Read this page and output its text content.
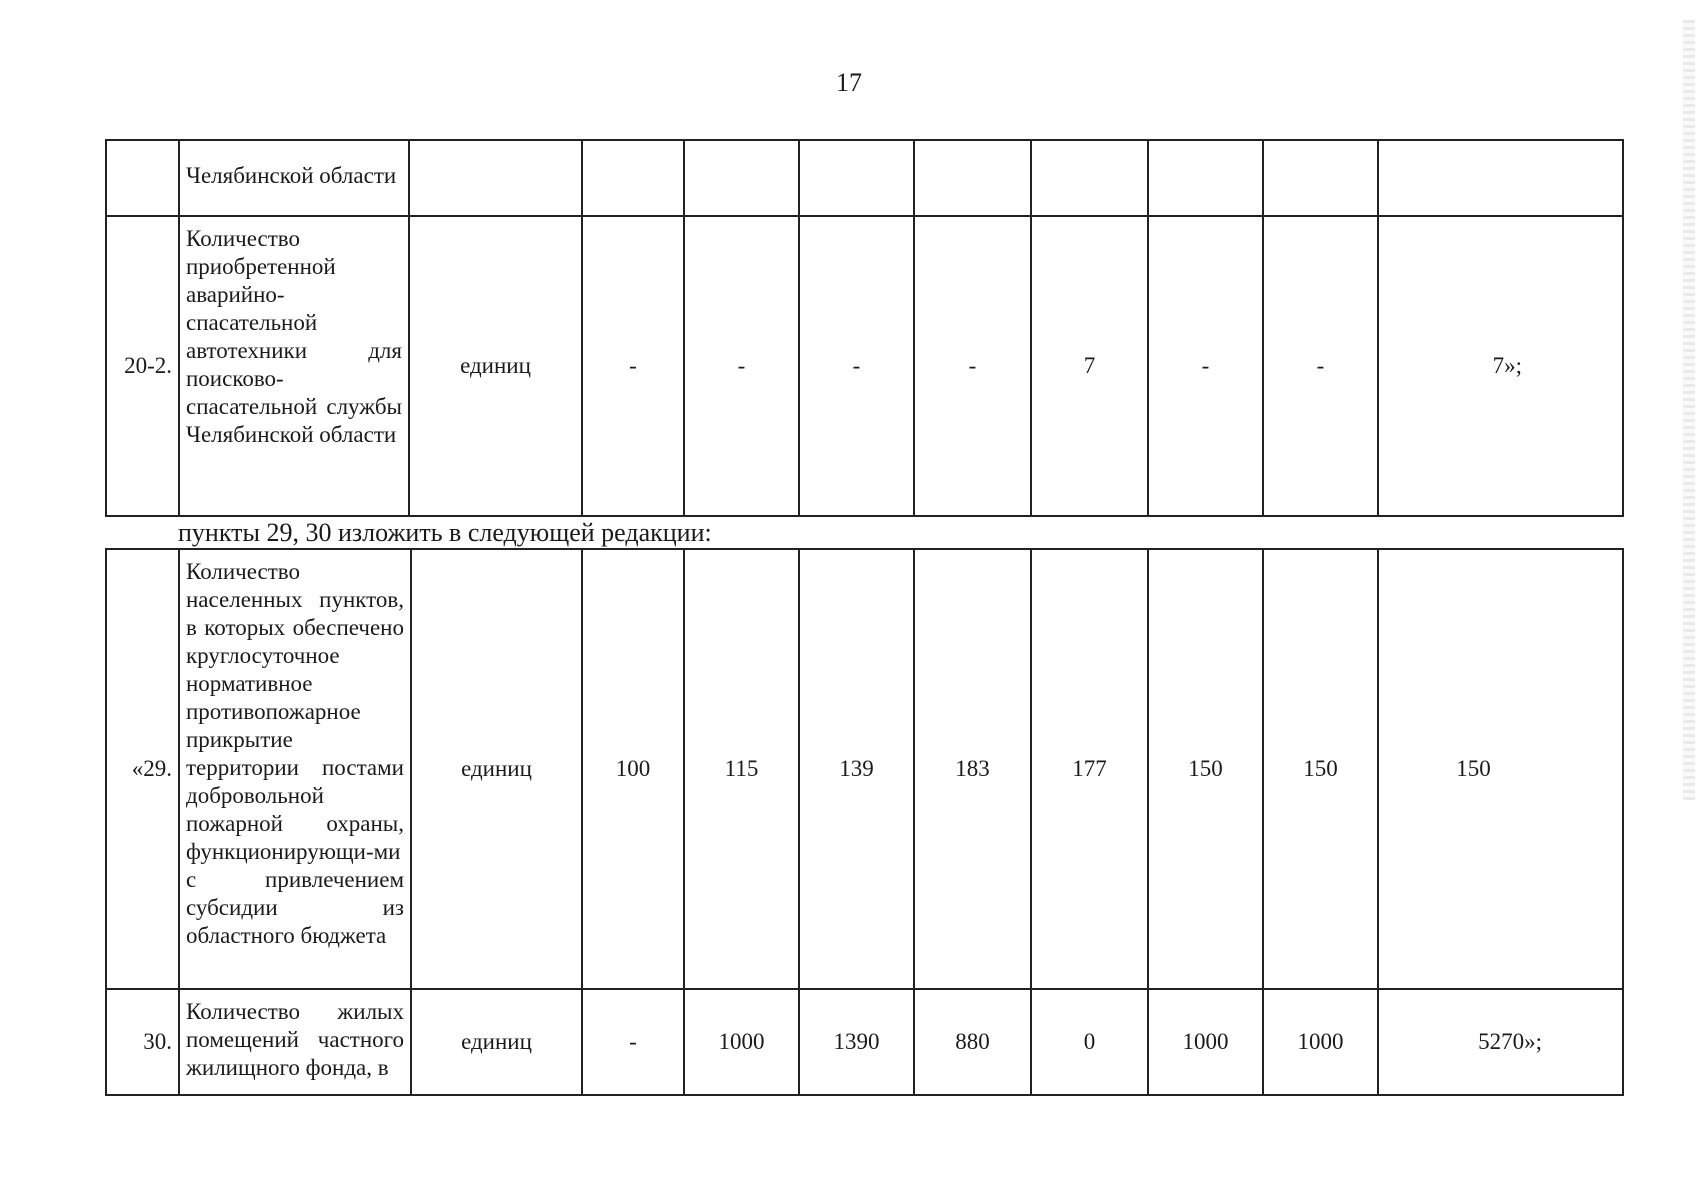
17
	Челябинской области									
20-2.	Количество приобретенной аварийно-спасательной автотехники для поисково-спасательной службы Челябинской области	единиц	-	-	-	-	7	-	-	7»;
пункты 29, 30 изложить в следующей редакции:
«29.	Количество населенных пунктов, в которых обеспечено круглосуточное нормативное противопожарное прикрытие территории постами добровольной пожарной охраны, функционирующи-ми с привлечением субсидии из областного бюджета	единиц	100	115	139	183	177	150	150	150
30.	Количество жилых помещений частного жилищного фонда, в	единиц	-	1000	1390	880	0	1000	1000	5270»;
